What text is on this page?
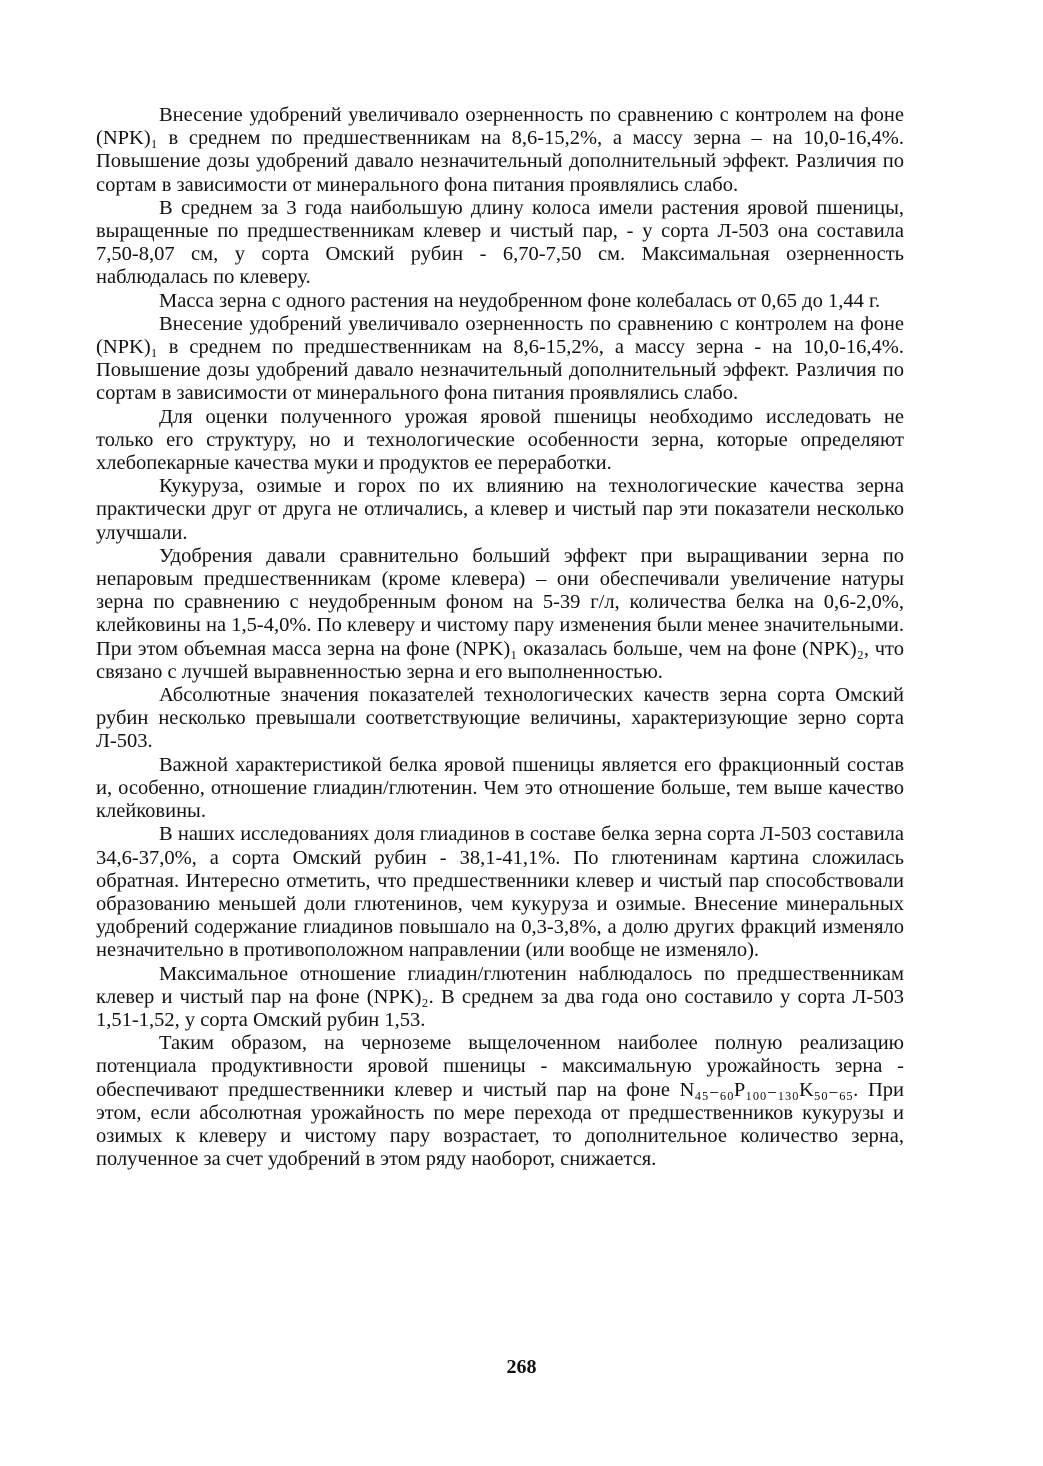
Внесение удобрений увеличивало озерненность по сравнению с контролем на фоне (NPK)₁ в среднем по предшественникам на 8,6-15,2%, а массу зерна – на 10,0-16,4%. Повышение дозы удобрений давало незначительный дополнительный эффект. Различия по сортам в зависимости от минерального фона питания проявлялись слабо.

В среднем за 3 года наибольшую длину колоса имели растения яровой пшеницы, выращенные по предшественникам клевер и чистый пар, - у сорта Л-503 она составила 7,50-8,07 см, у сорта Омский рубин - 6,70-7,50 см. Максимальная озерненность наблюдалась по клеверу.

Масса зерна с одного растения на неудобренном фоне колебалась от 0,65 до 1,44 г.

Внесение удобрений увеличивало озерненность по сравнению с контролем на фоне (NPK)₁ в среднем по предшественникам на 8,6-15,2%, а массу зерна - на 10,0-16,4%. Повышение дозы удобрений давало незначительный дополнительный эффект. Различия по сортам в зависимости от минерального фона питания проявлялись слабо.

Для оценки полученного урожая яровой пшеницы необходимо исследовать не только его структуру, но и технологические особенности зерна, которые определяют хлебопекарные качества муки и продуктов ее переработки.

Кукуруза, озимые и горох по их влиянию на технологические качества зерна практически друг от друга не отличались, а клевер и чистый пар эти показатели несколько улучшали.

Удобрения давали сравнительно больший эффект при выращивании зерна по непаровым предшественникам (кроме клевера) – они обеспечивали увеличение натуры зерна по сравнению с неудобренным фоном на 5-39 г/л, количества белка на 0,6-2,0%, клейковины на 1,5-4,0%. По клеверу и чистому пару изменения были менее значительными. При этом объемная масса зерна на фоне (NPK)₁ оказалась больше, чем на фоне (NPK)₂, что связано с лучшей выравненностью зерна и его выполненностью.

Абсолютные значения показателей технологических качеств зерна сорта Омский рубин несколько превышали соответствующие величины, характеризующие зерно сорта Л-503.

Важной характеристикой белка яровой пшеницы является его фракционный состав и, особенно, отношение глиадин/глютенин. Чем это отношение больше, тем выше качество клейковины.

В наших исследованиях доля глиадинов в составе белка зерна сорта Л-503 составила 34,6-37,0%, а сорта Омский рубин - 38,1-41,1%. По глютенинам картина сложилась обратная. Интересно отметить, что предшественники клевер и чистый пар способствовали образованию меньшей доли глютенинов, чем кукуруза и озимые. Внесение минеральных удобрений содержание глиадинов повышало на 0,3-3,8%, а долю других фракций изменяло незначительно в противоположном направлении (или вообще не изменяло).

Максимальное отношение глиадин/глютенин наблюдалось по предшественникам клевер и чистый пар на фоне (NPK)₂. В среднем за два года оно составило у сорта Л-503 1,51-1,52, у сорта Омский рубин 1,53.

Таким образом, на черноземе выщелоченном наиболее полную реализацию потенциала продуктивности яровой пшеницы - максимальную урожайность зерна - обеспечивают предшественники клевер и чистый пар на фоне N₄₅₋₆₀P₁₀₀₋₁₃₀K₅₀₋₆₅. При этом, если абсолютная урожайность по мере перехода от предшественников кукурузы и озимых к клеверу и чистому пару возрастает, то дополнительное количество зерна, полученное за счет удобрений в этом ряду наоборот, снижается.

268
